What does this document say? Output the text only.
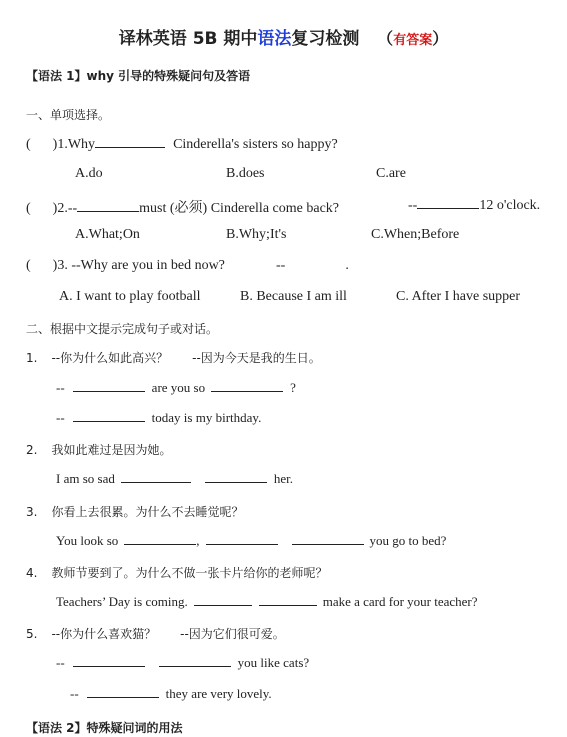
译林英语 5B 期中语法复习检测 （有答案）
【语法 1】why 引导的特殊疑问句及答语
一、单项选择。
( )1.Why	Cinderella's sisters so happy?
A.do	B.does	C.are
( )2.--	must (必须) Cinderella come back?	--	12 o'clock.
A.What;On	B.Why;It's	C.When;Before
( )3. --Why are you in bed now?	--	.
A. I want to play football	B. Because I am ill	C. After I have supper
二、根据中文提示完成句子或对话。
1. --你为什么如此高兴？ --因为今天是我的生日。
--	are you so	?
--	today is my birthday.
2. 我如此难过是因为她。
I am so sad	her.
3. 你看上去很累。为什么不去睡觉呢？
You look so	,	you go to bed?
4. 教师节要到了。为什么不做一张卡片给你的老师呢？
Teachers’ Day is coming.	make a card for your teacher?
5. --你为什么喜欢猫？ --因为它们很可爱。
--	you like cats?
--	they are very lovely.
【语法 2】特殊疑问词的用法
